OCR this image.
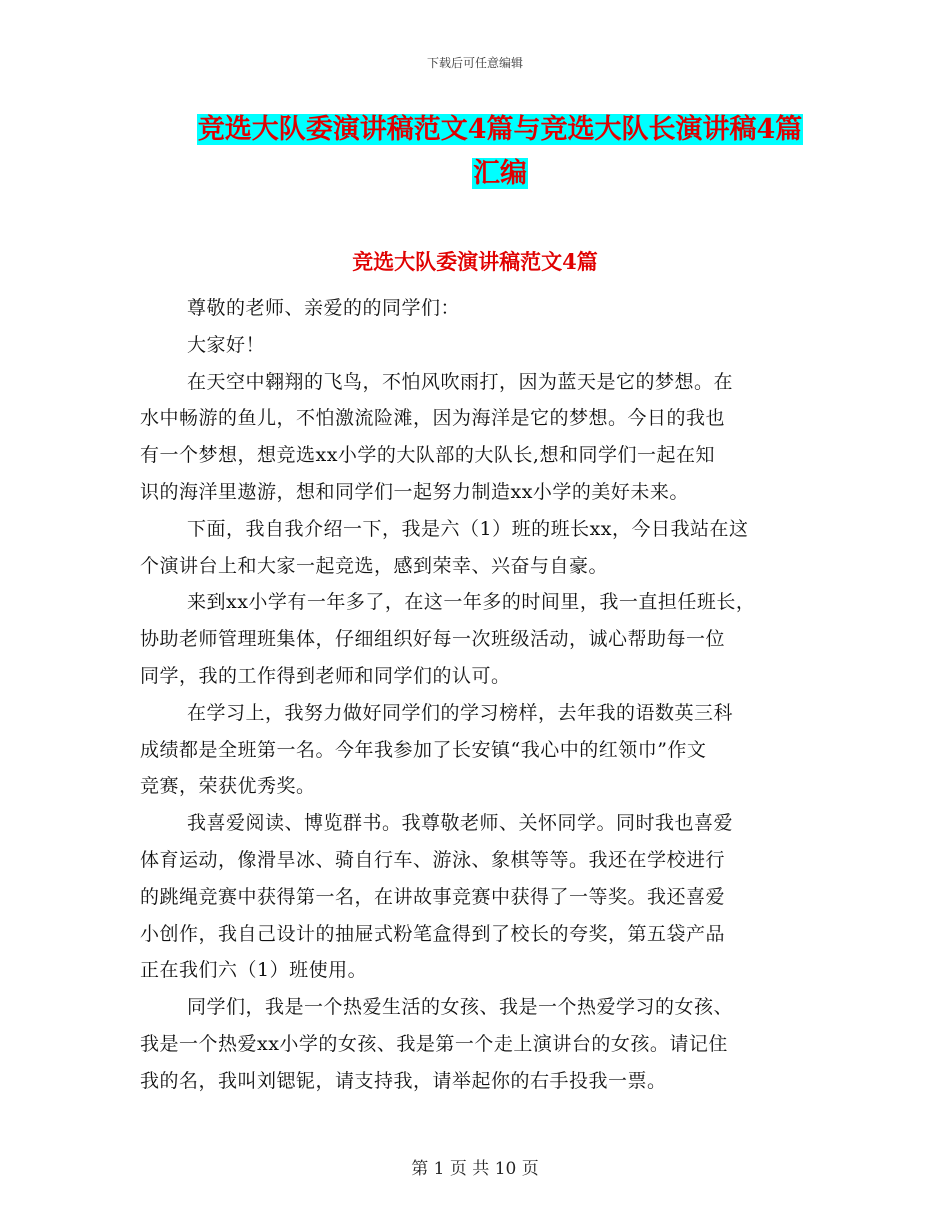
下载后可任意编辑
竞选大队委演讲稿范文4篇与竞选大队长演讲稿4篇
汇编
竞选大队委演讲稿范文4篇
尊敬的老师、亲爱的的同学们：
大家好！
在天空中翱翔的飞鸟，不怕风吹雨打，因为蓝天是它的梦想。在
水中畅游的鱼儿，不怕激流险滩，因为海洋是它的梦想。今日的我也
有一个梦想，想竞选xx小学的大队部的大队长,想和同学们一起在知
识的海洋里遨游，想和同学们一起努力制造xx小学的美好未来。
下面，我自我介绍一下，我是六（1）班的班长xx，今日我站在这
个演讲台上和大家一起竞选，感到荣幸、兴奋与自豪。
来到xx小学有一年多了，在这一年多的时间里，我一直担任班长，
协助老师管理班集体，仔细组织好每一次班级活动，诚心帮助每一位
同学，我的工作得到老师和同学们的认可。
在学习上，我努力做好同学们的学习榜样，去年我的语数英三科
成绩都是全班第一名。今年我参加了长安镇“我心中的红领巾”作文
竞赛，荣获优秀奖。
我喜爱阅读、博览群书。我尊敬老师、关怀同学。同时我也喜爱
体育运动，像滑旱冰、骑自行车、游泳、象棋等等。我还在学校进行
的跳绳竞赛中获得第一名，在讲故事竞赛中获得了一等奖。我还喜爱
小创作，我自己设计的抽屉式粉笔盒得到了校长的夸奖，第五袋产品
正在我们六（1）班使用。
同学们，我是一个热爱生活的女孩、我是一个热爱学习的女孩、
我是一个热爱xx小学的女孩、我是第一个走上演讲台的女孩。请记住
我的名，我叫刘锶铌，请支持我，请举起你的右手投我一票。
第 1 页 共 10 页
